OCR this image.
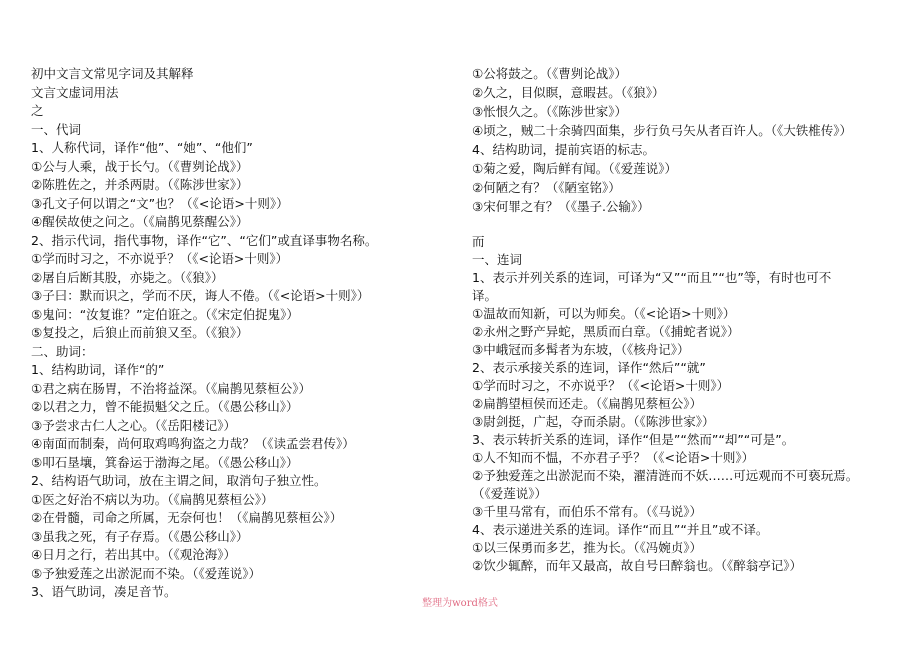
初中文言文常见字词及其解释
文言文虚词用法
之
一、代词
1、人称代词，译作“他”、“她”、“他们”
①公与人乘，战于长勺。（《曹刿论战》）
②陈胜佐之，并杀两尉。（《陈涉世家》）
③孔文子何以谓之“文”也？（《<论语>十则》）
④醒侯故使之问之。（《扁鹊见蔡醒公》）
2、指示代词，指代事物，译作“它”、“它们”或直译事物名称。
①学而时习之，不亦说乎？（《<论语>十则》）
②屠自后断其股，亦毙之。（《狼》）
③子曰：默而识之，学而不厌，诲人不倦。（《<论语>十则》）
⑤鬼问：“汝复谁？”定伯诳之。（《宋定伯捉鬼》）
⑤复投之，后狼止而前狼又至。（《狼》）
二、助词：
1、结构助词，译作“的”
①君之病在肠胃，不治将益深。（《扁鹊见蔡桓公》）
②以君之力，曾不能损魁父之丘。（《愚公移山》）
③予尝求古仁人之心。（《岳阳楼记》）
④南面而制秦，尚何取鸡鸣狗盗之力哉？（《读孟尝君传》）
⑤叩石垦壤，箕畚运于渤海之尾。（《愚公移山》）
2、结构语气助词，放在主谓之间，取消句子独立性。
①医之好治不病以为功。（《扁鹊见蔡桓公》）
②在骨髓，司命之所属，无奈何也！（《扁鹊见蔡桓公》）
③虽我之死，有子存焉。（《愚公移山》）
④日月之行，若出其中。（《观沧海》）
⑤予独爱莲之出淤泥而不染。（《爱莲说》）
3、语气助词，凑足音节。
①公将鼓之。（《曹刿论战》）
②久之，目似瞑，意暇甚。（《狼》）
③怅恨久之。（《陈涉世家》）
④顷之，贼二十余骑四面集，步行负弓矢从者百许人。（《大铁椎传》）
4、结构助词，提前宾语的标志。
①菊之爱，陶后鲜有闻。（《爱莲说》）
②何陋之有？（《陋室铭》）
③宋何罪之有？（《墨子.公输》）
而
一、连词
1、表示并列关系的连词，可译为“又”“而且”“也”等，有时也可不
译。
①温故而知新，可以为师矣。（《<论语>十则》）
②永州之野产异蛇，黑质而白章。（《捕蛇者说》）
③中峨冠而多髯者为东坡，（《核舟记》）
2、表示承接关系的连词，译作“然后”“就”
①学而时习之，不亦说乎？（《<论语>十则》）
②扁鹊望桓侯而还走。（《扁鹊见蔡桓公》）
③尉剑挺，广起，夺而杀尉。（《陈涉世家》）
3、表示转折关系的连词，译作“但是”“然而”“却”“可是”。
①人不知而不愠，不亦君子乎？（《<论语>十则》）
②予独爱莲之出淤泥而不染，濯清涟而不妖……可远观而不可亵玩焉。
（《爱莲说》）
③千里马常有，而伯乐不常有。（《马说》）
4、表示递进关系的连词。译作“而且”“并且”或不译。
①以三保勇而多艺，推为长。（《冯婉贞》）
②饮少辄醉，而年又最高，故自号曰醉翁也。（《醉翁亭记》）
整理为word格式
